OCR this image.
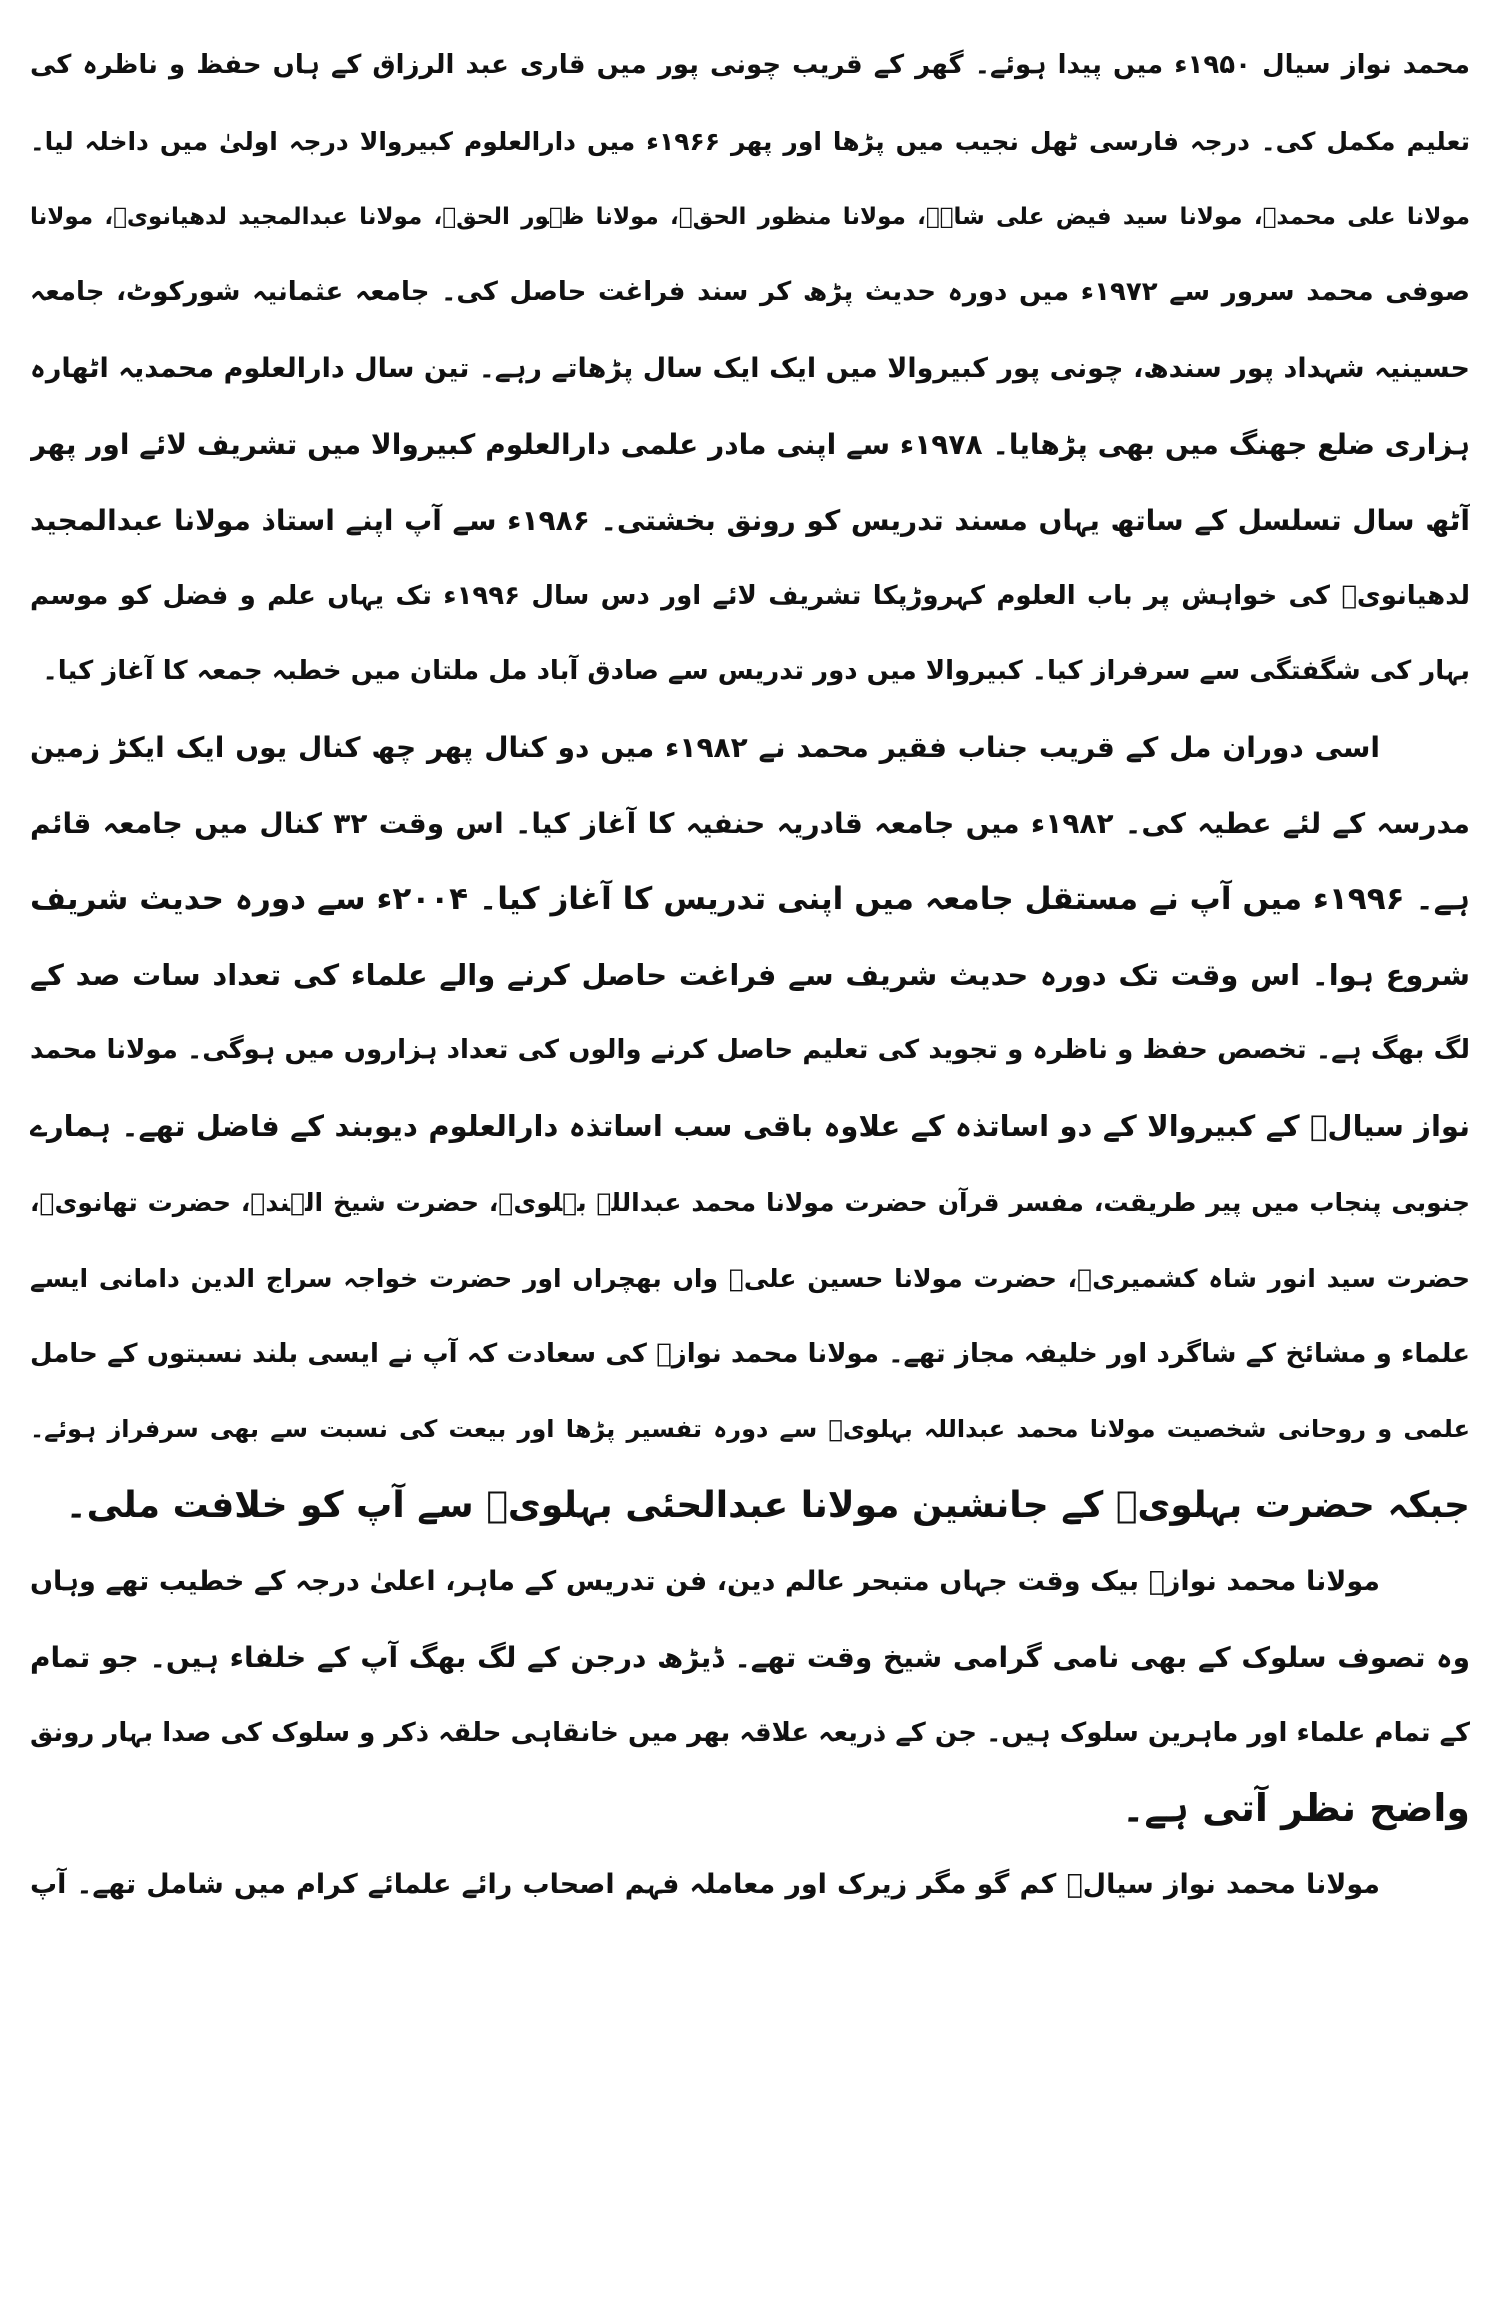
محمد نواز سیال ۱۹۵۰ء میں پیدا ہوئے۔ گھر کے قریب چونی پور میں قاری عبد الرزاق کے ہاں حفظ و ناظرہ کی
تعلیم مکمل کی۔ درجہ فارسی ٹھل نجیب میں پڑھا اور پھر ۱۹۶۶ء میں دارالعلوم کبیروالا درجہ اولیٰ میں داخلہ لیا۔
مولانا علی محمدؒ، مولانا سید فیض علی شاہؒ، مولانا منظور الحقؒ، مولانا ظہور الحقؒ، مولانا عبدالمجید لدھیانویؒ، مولانا
صوفی محمد سرور سے ۱۹۷۲ء میں دورہ حدیث پڑھ کر سند فراغت حاصل کی۔ جامعہ عثمانیہ شورکوٹ، جامعہ
حسینیہ شہداد پور سندھ، چونی پور کبیروالا میں ایک ایک سال پڑھاتے رہے۔ تین سال دارالعلوم محمدیہ اٹھارہ
ہزاری ضلع جھنگ میں بھی پڑھایا۔ ۱۹۷۸ء سے اپنی مادر علمی دارالعلوم کبیروالا میں تشریف لائے اور پھر
آٹھ سال تسلسل کے ساتھ یہاں مسند تدریس کو رونق بخشتی۔ ۱۹۸۶ء سے آپ اپنے استاذ مولانا عبدالمجید
لدھیانویؒ کی خواہش پر باب العلوم کہروڑپکا تشریف لائے اور دس سال ۱۹۹۶ء تک یہاں علم و فضل کو موسم
بہار کی شگفتگی سے سرفراز کیا۔ کبیروالا میں دور تدریس سے صادق آباد مل ملتان میں خطبہ جمعہ کا آغاز کیا۔
اسی دوران مل کے قریب جناب فقیر محمد نے ۱۹۸۲ء میں دو کنال پھر چھ کنال یوں ایک ایکڑ زمین
مدرسہ کے لئے عطیہ کی۔ ۱۹۸۲ء میں جامعہ قادریہ حنفیہ کا آغاز کیا۔ اس وقت ۳۲ کنال میں جامعہ قائم
ہے۔ ۱۹۹۶ء میں آپ نے مستقل جامعہ میں اپنی تدریس کا آغاز کیا۔ ۲۰۰۴ء سے دورہ حدیث شریف
شروع ہوا۔ اس وقت تک دورہ حدیث شریف سے فراغت حاصل کرنے والے علماء کی تعداد سات صد کے
لگ بھگ ہے۔ تخصص حفظ و ناظرہ و تجوید کی تعلیم حاصل کرنے والوں کی تعداد ہزاروں میں ہوگی۔ مولانا محمد
نواز سیالؒ کے کبیروالا کے دو اساتذہ کے علاوہ باقی سب اساتذہ دارالعلوم دیوبند کے فاضل تھے۔ ہمارے
جنوبی پنجاب میں پیر طریقت، مفسر قرآن حضرت مولانا محمد عبداللہ بہلویؒ، حضرت شیخ الہندؒ، حضرت تھانویؒ،
حضرت سید انور شاہ کشمیریؒ، حضرت مولانا حسین علیؒ واں بھچراں اور حضرت خواجہ سراج الدین دامانی ایسے
علماء و مشائخ کے شاگرد اور خلیفہ مجاز تھے۔ مولانا محمد نوازؒ کی سعادت کہ آپ نے ایسی بلند نسبتوں کے حامل
علمی و روحانی شخصیت مولانا محمد عبداللہ بہلویؒ سے دورہ تفسیر پڑھا اور بیعت کی نسبت سے بھی سرفراز ہوئے۔
جبکہ حضرت بہلویؒ کے جانشین مولانا عبدالحئی بہلویؒ سے آپ کو خلافت ملی۔
مولانا محمد نوازؒ بیک وقت جہاں متبحر عالم دین، فن تدریس کے ماہر، اعلیٰ درجہ کے خطیب تھے وہاں
وہ تصوف سلوک کے بھی نامی گرامی شیخ وقت تھے۔ ڈیڑھ درجن کے لگ بھگ آپ کے خلفاء ہیں۔ جو تمام
کے تمام علماء اور ماہرین سلوک ہیں۔ جن کے ذریعہ علاقہ بھر میں خانقاہی حلقہ ذکر و سلوک کی صدا بہار رونق
واضح نظر آتی ہے۔
مولانا محمد نواز سیالؒ کم گو مگر زیرک اور معاملہ فہم اصحاب رائے علمائے کرام میں شامل تھے۔ آپ
